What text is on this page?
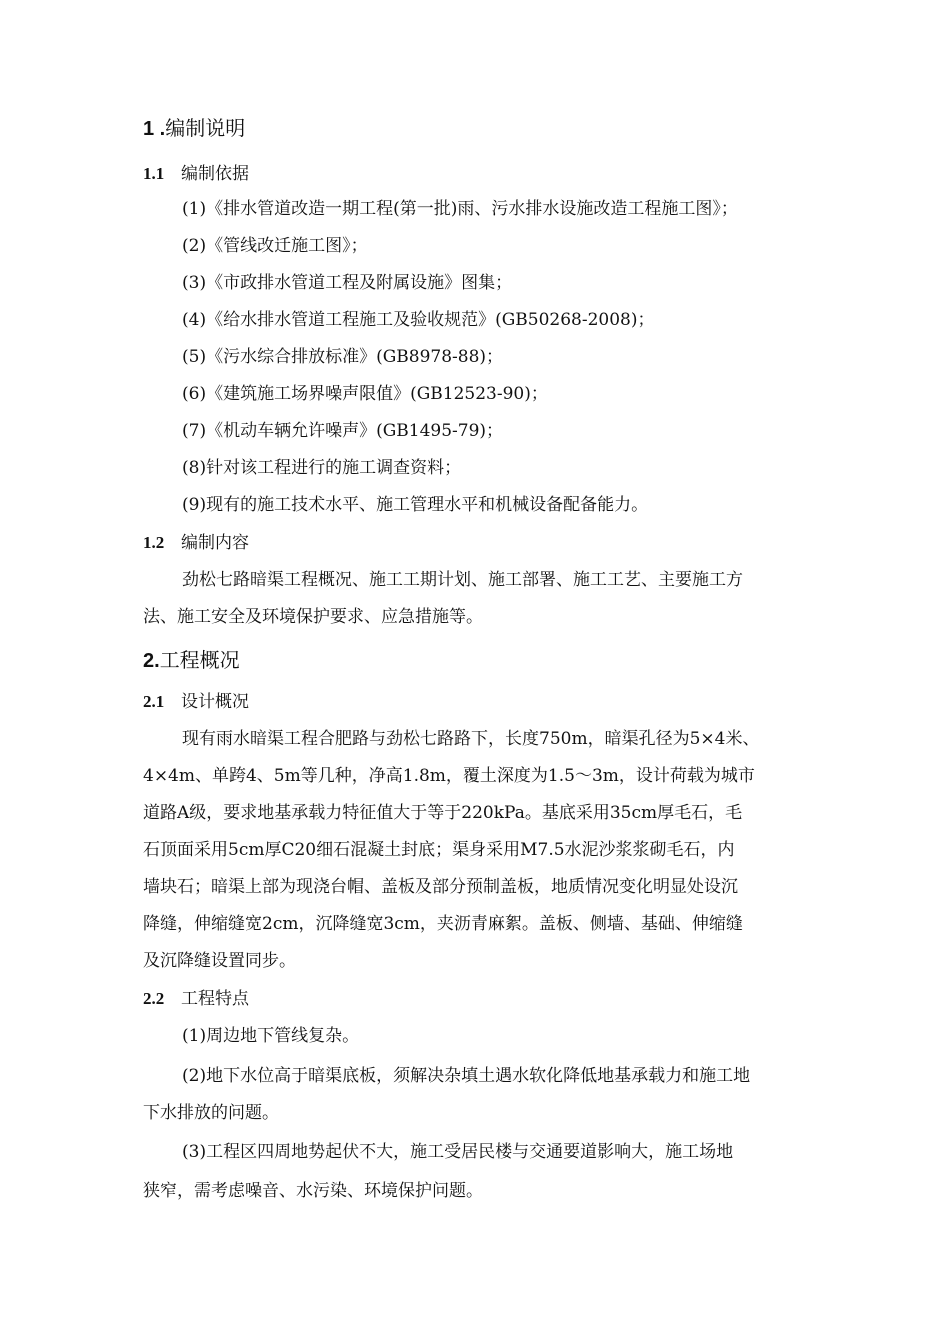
1 .编制说明
1.1 编制依据
(1)《排水管道改造一期工程(第一批)雨、污水排水设施改造工程施工图》；
(2)《管线改迁施工图》；
(3)《市政排水管道工程及附属设施》图集；
(4)《给水排水管道工程施工及验收规范》(GB50268-2008)；
(5)《污水综合排放标准》(GB8978-88)；
(6)《建筑施工场界噪声限值》(GB12523-90)；
(7)《机动车辆允许噪声》(GB1495-79)；
(8)针对该工程进行的施工调查资料；
(9)现有的施工技术水平、施工管理水平和机械设备配备能力。
1.2 编制内容
劲松七路暗渠工程概况、施工工期计划、施工部署、施工工艺、主要施工方
法、施工安全及环境保护要求、应急措施等。
2.工程概况
2.1 设计概况
现有雨水暗渠工程合肥路与劲松七路路下，长度750m，暗渠孔径为5×4米、
4×4m、单跨4、5m等几种，净高1.8m，覆土深度为1.5～3m，设计荷载为城市
道路A级，要求地基承载力特征值大于等于220kPa。基底采用35cm厚毛石，毛
石顶面采用5cm厚C20细石混凝土封底；渠身采用M7.5水泥沙浆浆砌毛石，内
墙块石；暗渠上部为现浇台帽、盖板及部分预制盖板，地质情况变化明显处设沉
降缝，伸缩缝宽2cm，沉降缝宽3cm，夹沥青麻絮。盖板、侧墙、基础、伸缩缝
及沉降缝设置同步。
2.2 工程特点
(1)周边地下管线复杂。
(2)地下水位高于暗渠底板，须解决杂填土遇水软化降低地基承载力和施工地
下水排放的问题。
(3)工程区四周地势起伏不大，施工受居民楼与交通要道影响大，施工场地
狭窄，需考虑噪音、水污染、环境保护问题。
